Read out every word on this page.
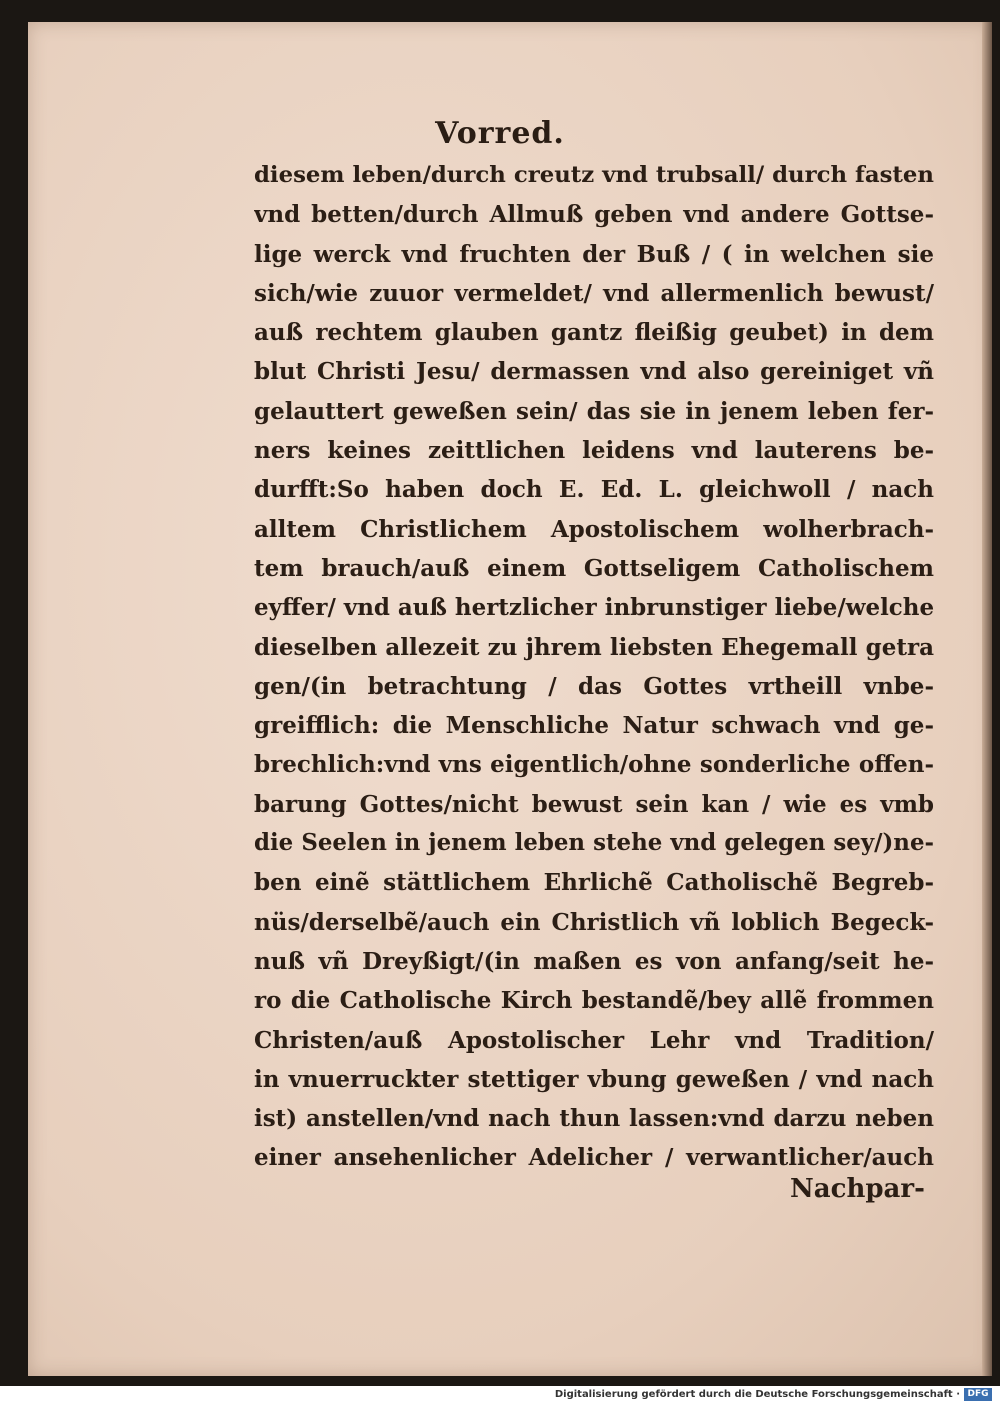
Vorred.
diesem leben/durch creutz vnd trubsall/ durch fasten
vnd betten/durch Allmuß geben vnd andere Gottse-
lige werck vnd fruchten der Buß / ( in welchen sie
sich/wie zuuor vermeldet/ vnd allermenlich bewust/
auß rechtem glauben gantz fleißig geubet) in dem
blut Christi Jesu/ dermassen vnd also gereiniget vñ
gelauttert geweßen sein/ das sie in jenem leben fer-
ners keines zeittlichen leidens vnd lauterens be-
durfft:So haben doch E. Ed. L. gleichwoll / nach
alltem Christlichem Apostolischem wolherbrach-
tem brauch/auß einem Gottseligem Catholischem
eyffer/ vnd auß hertzlicher inbrunstiger liebe/welche
dieselben allezeit zu jhrem liebsten Ehegemall getra
gen/(in betrachtung / das Gottes vrtheill vnbe-
greifflich: die Menschliche Natur schwach vnd ge-
brechlich:vnd vns eigentlich/ohne sonderliche offen-
barung Gottes/nicht bewust sein kan / wie es vmb
die Seelen in jenem leben stehe vnd gelegen sey/)ne-
ben einẽ stättlichem Ehrlichẽ Catholischẽ Begreb-
nüs/derselbẽ/auch ein Christlich vñ loblich Begeck-
nuß vñ Dreyßigt/(in maßen es von anfang/seit he-
ro die Catholische Kirch bestandẽ/bey allẽ frommen
Christen/auß Apostolischer Lehr vnd Tradition/
in vnuerruckter stettiger vbung geweßen / vnd nach
ist) anstellen/vnd nach thun lassen:vnd darzu neben
einer ansehenlicher Adelicher / verwantlicher/auch

Nachpar-

Digitalisierung gefördert durch die Deutsche Forschungsgemeinschaft · DFG
